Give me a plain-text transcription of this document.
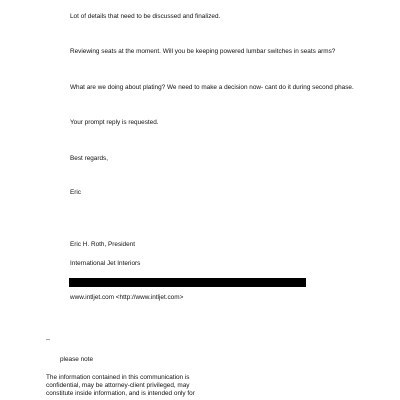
Lot of details that need to be discussed and finalized.
Reviewing seats at the moment. Will you be keeping powered lumbar switches in seats arms?
What are we doing about plating? We need to make a decision now- cant do it during second phase.
Your prompt reply is requested.
Best regards,
Eric
Eric H. Roth, President
International Jet Interiors
www.intljet.com <http://www.intljet.com>
--
please note
The information contained in this communication is
confidential, may be attorney-client privileged, may
constitute inside information, and is intended only for
